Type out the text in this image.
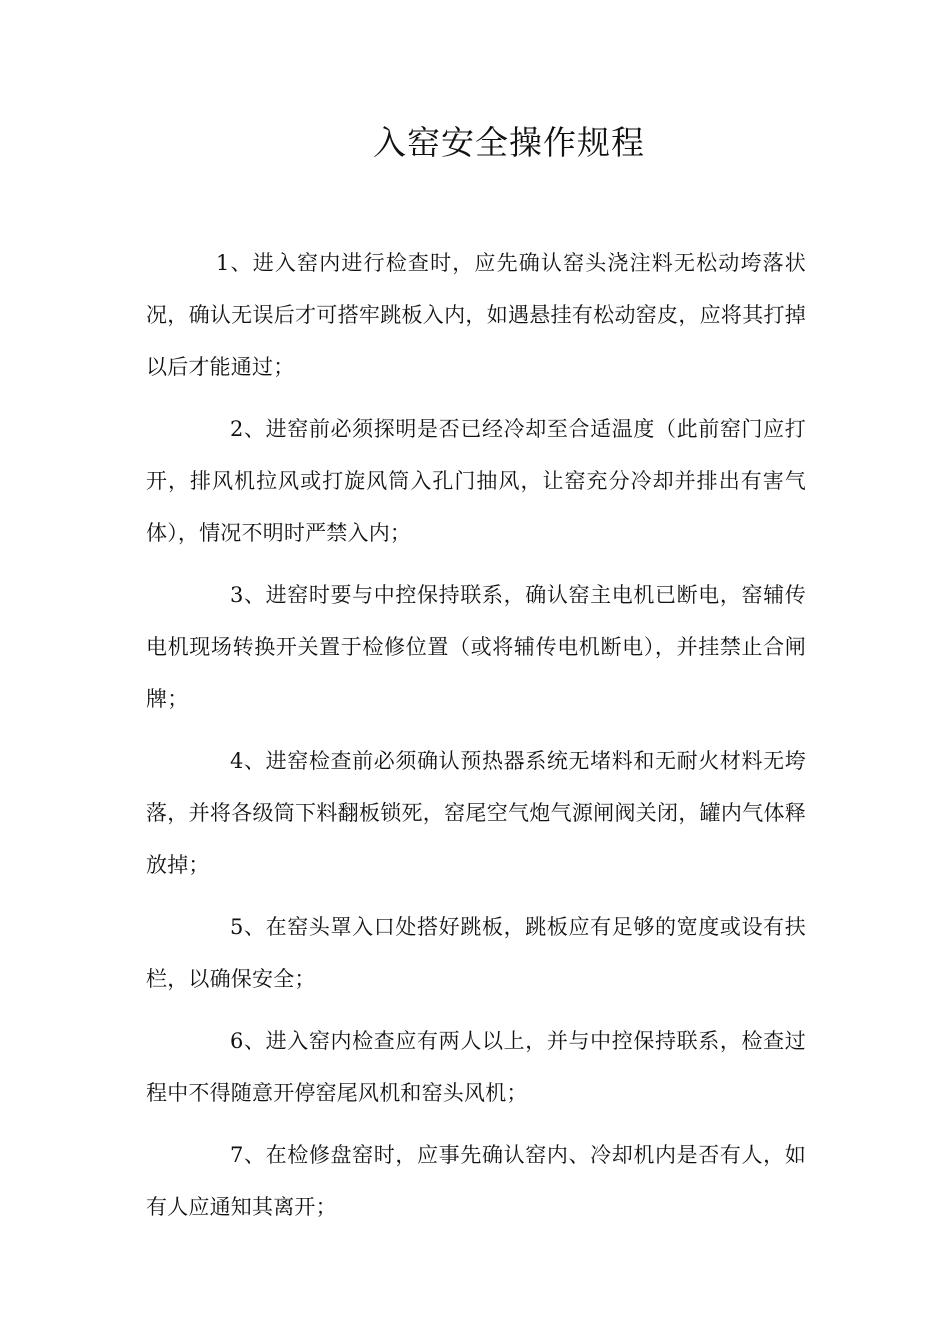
入窑安全操作规程

1、进入窑内进行检查时，应先确认窑头浇注料无松动垮落状况，确认无误后才可搭牢跳板入内，如遇悬挂有松动窑皮，应将其打掉以后才能通过；

2、进窑前必须探明是否已经冷却至合适温度（此前窑门应打开，排风机拉风或打旋风筒入孔门抽风，让窑充分冷却并排出有害气体），情况不明时严禁入内；

3、进窑时要与中控保持联系，确认窑主电机已断电，窑辅传电机现场转换开关置于检修位置（或将辅传电机断电），并挂禁止合闸牌；

4、进窑检查前必须确认预热器系统无堵料和无耐火材料无垮落，并将各级筒下料翻板锁死，窑尾空气炮气源闸阀关闭，罐内气体释放掉；

5、在窑头罩入口处搭好跳板，跳板应有足够的宽度或设有扶栏，以确保安全；

6、进入窑内检查应有两人以上，并与中控保持联系，检查过程中不得随意开停窑尾风机和窑头风机；

7、在检修盘窑时，应事先确认窑内、冷却机内是否有人，如有人应通知其离开；
